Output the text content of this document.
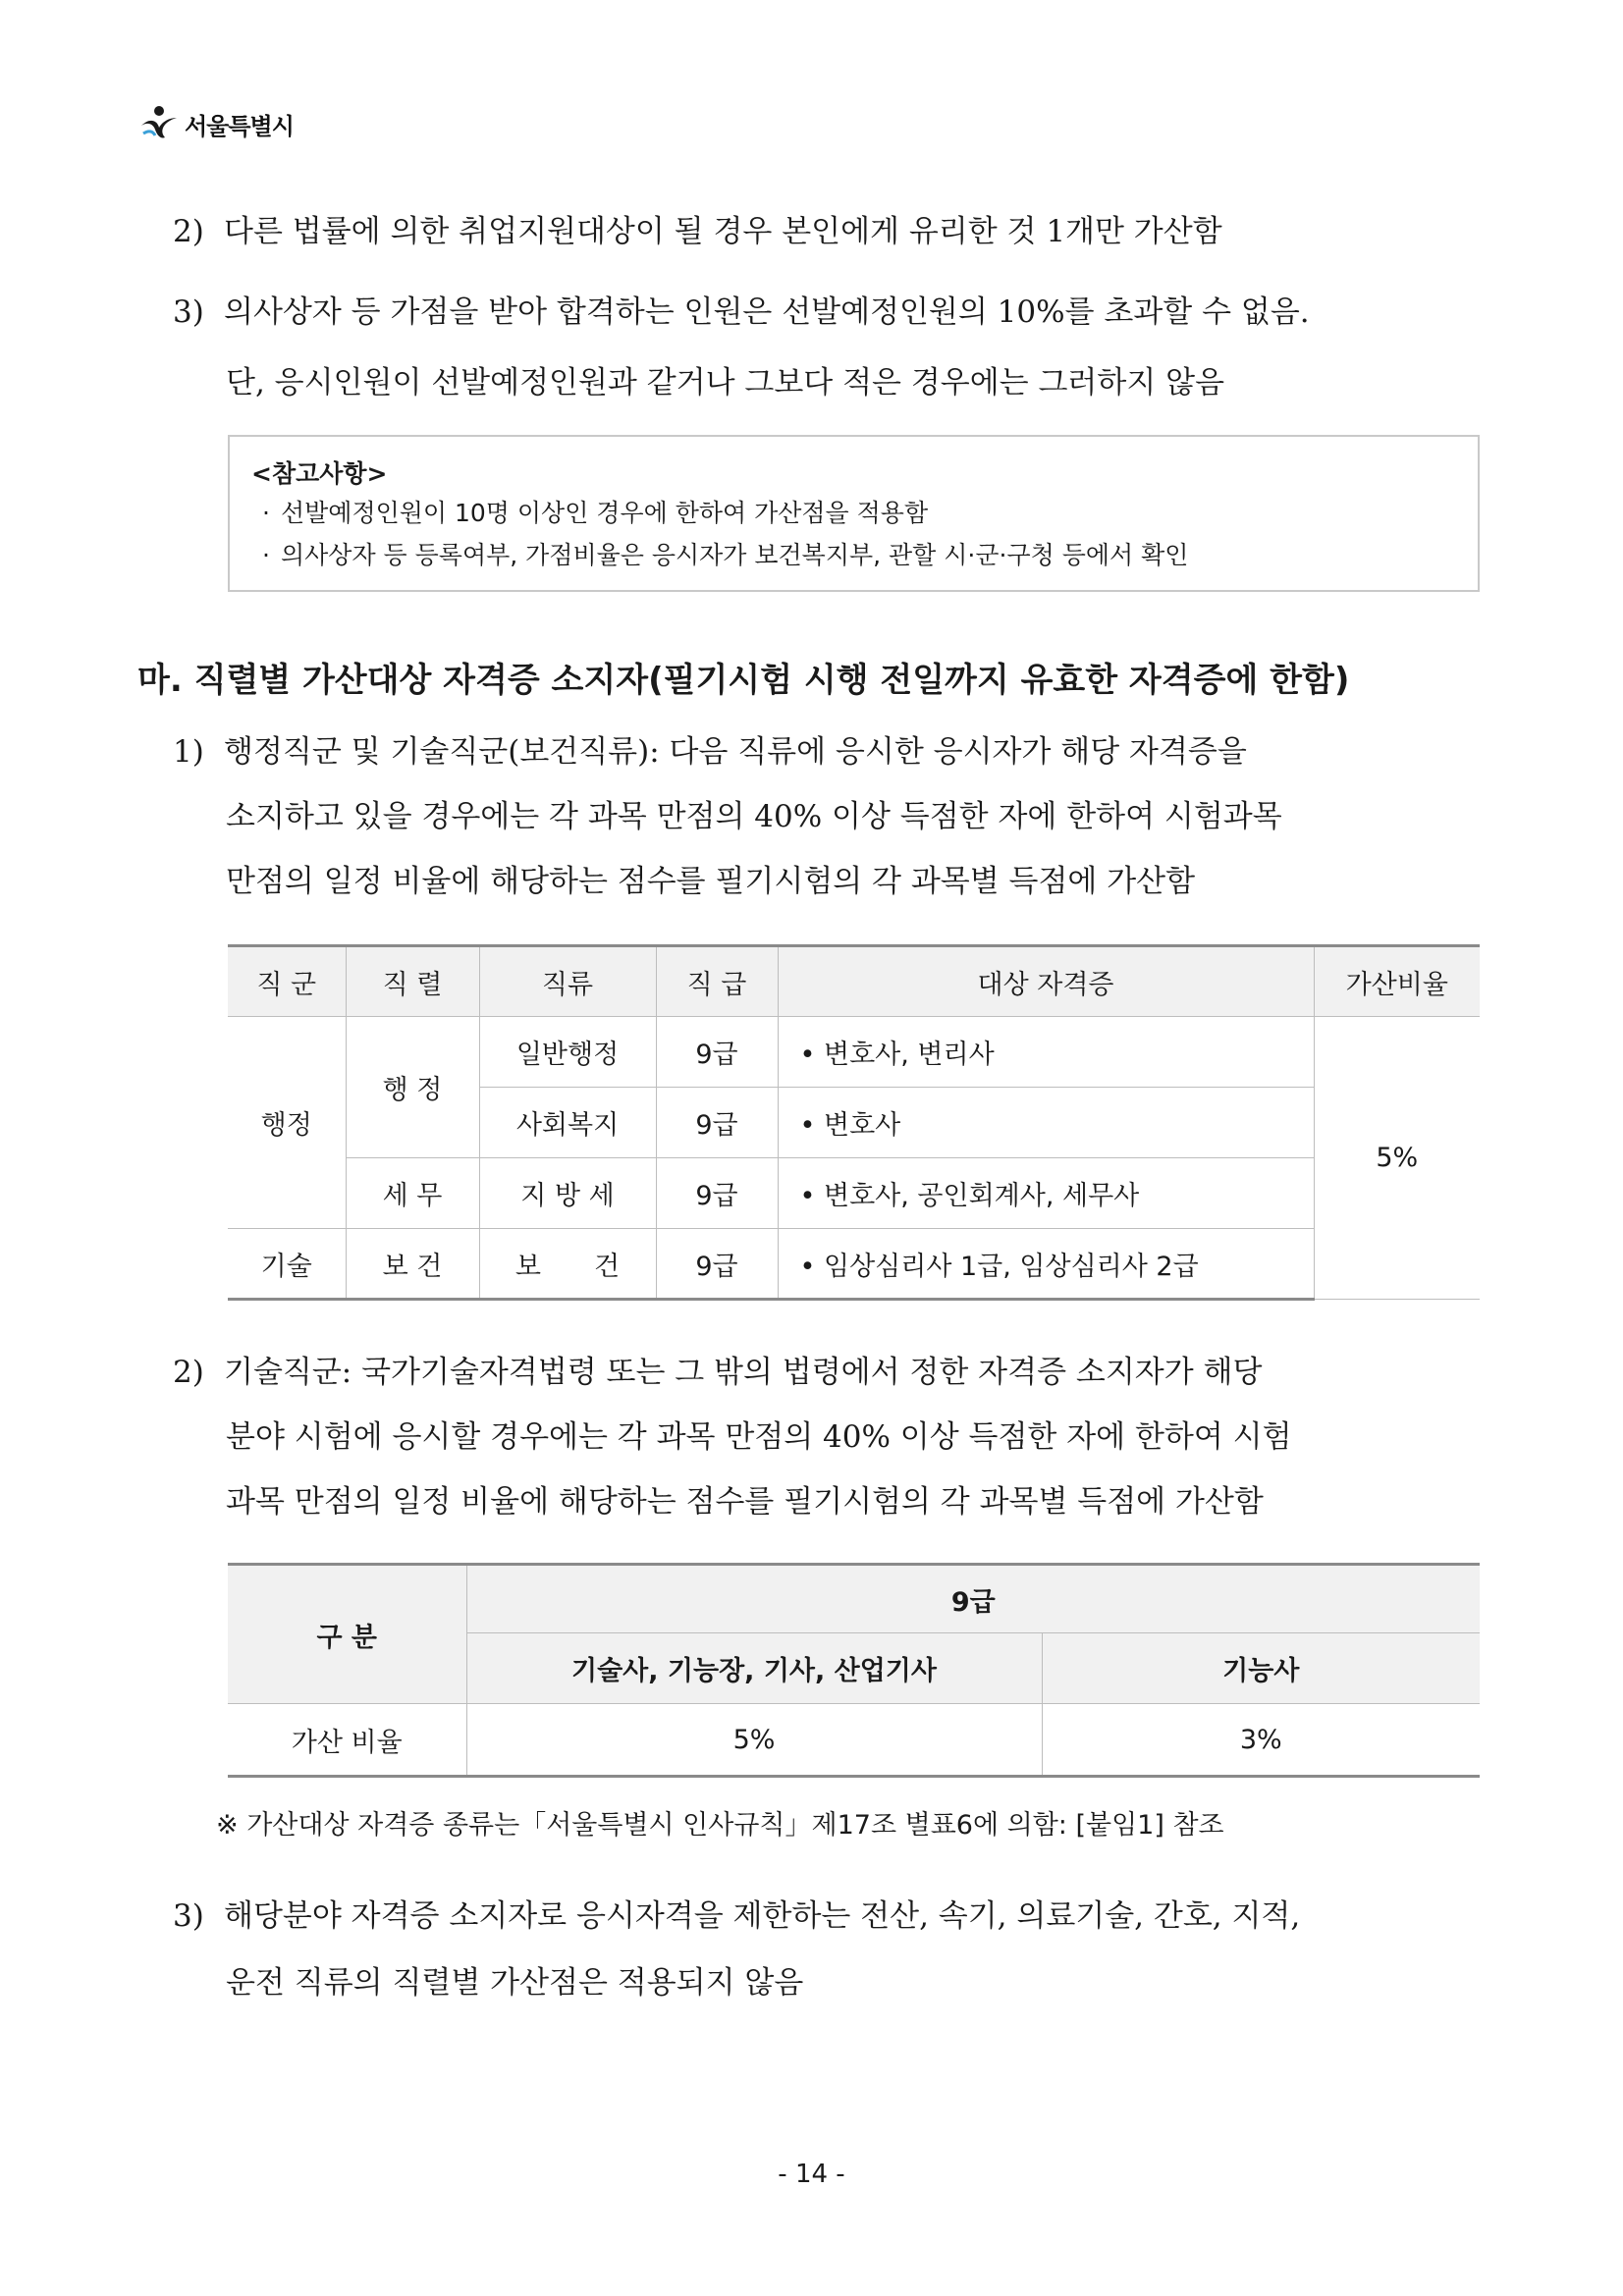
서울특별시
2) 다른 법률에 의한 취업지원대상이 될 경우 본인에게 유리한 것 1개만 가산함
3) 의사상자 등 가점을 받아 합격하는 인원은 선발예정인원의 10%를 초과할 수 없음.
단, 응시인원이 선발예정인원과 같거나 그보다 적은 경우에는 그러하지 않음
<참고사항>
· 선발예정인원이 10명 이상인 경우에 한하여 가산점을 적용함
· 의사상자 등 등록여부, 가점비율은 응시자가 보건복지부, 관할 시·군·구청 등에서 확인
마. 직렬별 가산대상 자격증 소지자(필기시험 시행 전일까지 유효한 자격증에 한함)
1) 행정직군 및 기술직군(보건직류): 다음 직류에 응시한 응시자가 해당 자격증을
소지하고 있을 경우에는 각 과목 만점의 40% 이상 득점한 자에 한하여 시험과목
만점의 일정 비율에 해당하는 점수를 필기시험의 각 과목별 득점에 가산함
직 군	직 렬	직류	직 급	대상 자격증	가산비율
행정	행 정	일반행정	9급	• 변호사, 변리사	5%
		사회복지	9급	• 변호사	
	세 무	지 방 세	9급	• 변호사, 공인회계사, 세무사	
기술	보 건	보　　건	9급	• 임상심리사 1급, 임상심리사 2급	
2) 기술직군: 국가기술자격법령 또는 그 밖의 법령에서 정한 자격증 소지자가 해당
분야 시험에 응시할 경우에는 각 과목 만점의 40% 이상 득점한 자에 한하여 시험
과목 만점의 일정 비율에 해당하는 점수를 필기시험의 각 과목별 득점에 가산함
구 분	9급	
	기술사, 기능장, 기사, 산업기사	기능사
가산 비율	5%	3%
※ 가산대상 자격증 종류는「서울특별시 인사규칙」제17조 별표6에 의함: [붙임1] 참조
3) 해당분야 자격증 소지자로 응시자격을 제한하는 전산, 속기, 의료기술, 간호, 지적,
운전 직류의 직렬별 가산점은 적용되지 않음
- 14 -
